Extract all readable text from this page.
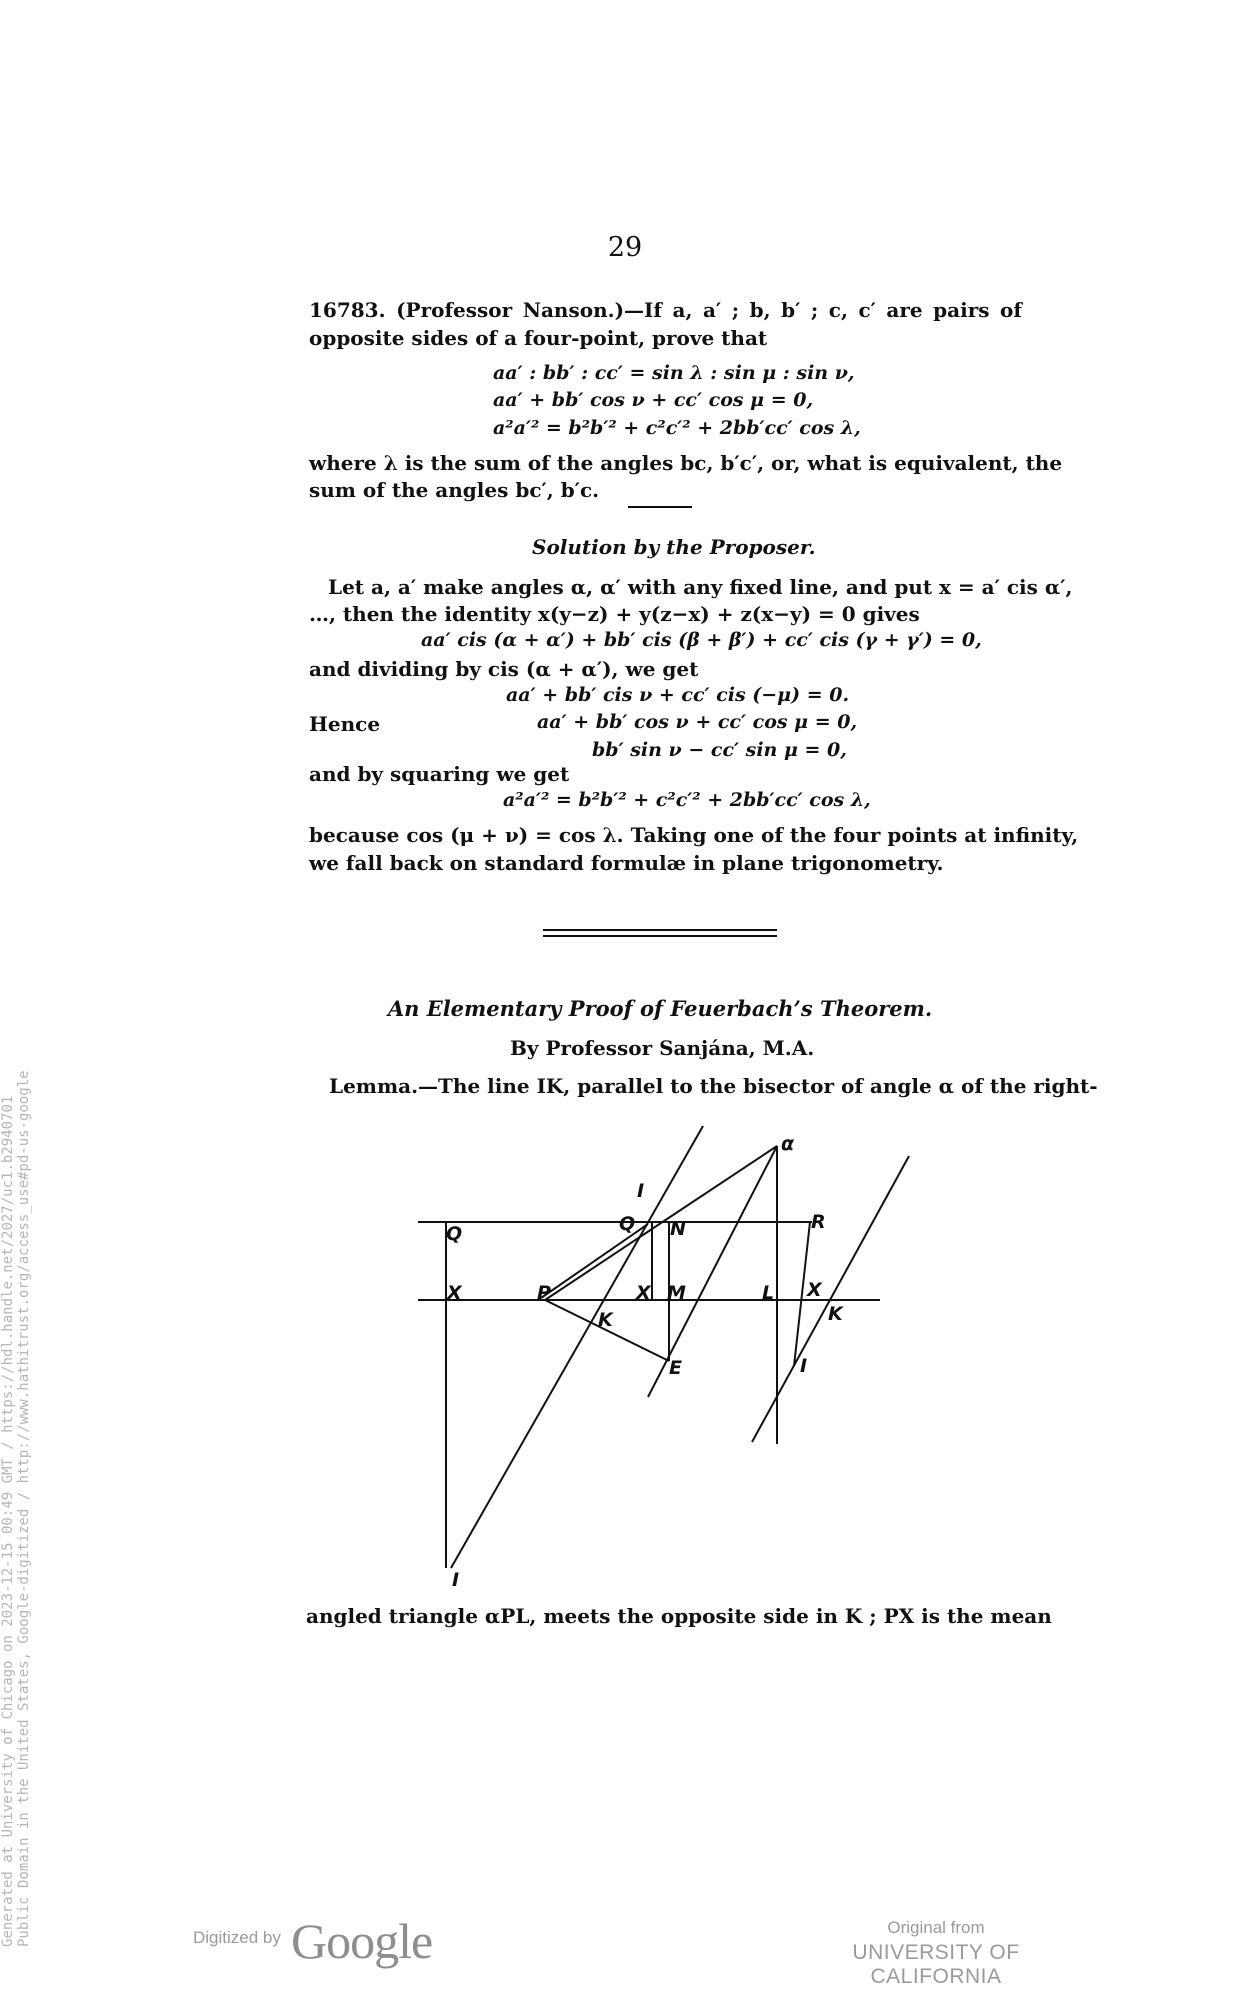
Generated at University of Chicago on 2023-12-15 00:49 GMT / https://hdl.handle.net/2027/uc1.b2940701 Public Domain in the United States, Google-digitized / http://www.hathitrust.org/access_use#pd-us-google
29
16783. (Professor Nanson.)—If a, a′ ; b, b′ ; c, c′ are pairs of
opposite sides of a four-point, prove that
aa′ : bb′ : cc′ = sin λ : sin μ : sin ν,
aa′ + bb′ cos ν + cc′ cos μ = 0,
a²a′² = b²b′² + c²c′² + 2bb′cc′ cos λ,
where λ is the sum of the angles bc, b′c′, or, what is equivalent, the
sum of the angles bc′, b′c.
Solution by the Proposer.
Let a, a′ make angles α, α′ with any fixed line, and put x = a′ cis α′,
…, then the identity x(y−z) + y(z−x) + z(x−y) = 0 gives
aa′ cis (α + α′) + bb′ cis (β + β′) + cc′ cis (γ + γ′) = 0,
and dividing by cis (α + α′), we get
aa′ + bb′ cis ν + cc′ cis (−μ) = 0.
Hence	aa′ + bb′ cos ν + cc′ cos μ = 0,
bb′ sin ν − cc′ sin μ = 0,
and by squaring we get
a²a′² = b²b′² + c²c′² + 2bb′cc′ cos λ,
because cos (μ + ν) = cos λ. Taking one of the four points at infinity,
we fall back on standard formulæ in plane trigonometry.
An Elementary Proof of Feuerbach’s Theorem.
By Professor Sanjána, M.A.
Lemma.—The line IK, parallel to the bisector of angle α of the right-
α
I
Q	Q N	R
X	P	X M	L X
K	K
E	I
I
angled triangle αPL, meets the opposite side in K ; PX is the mean
Digitized by Google	Original from
UNIVERSITY OF CALIFORNIA
